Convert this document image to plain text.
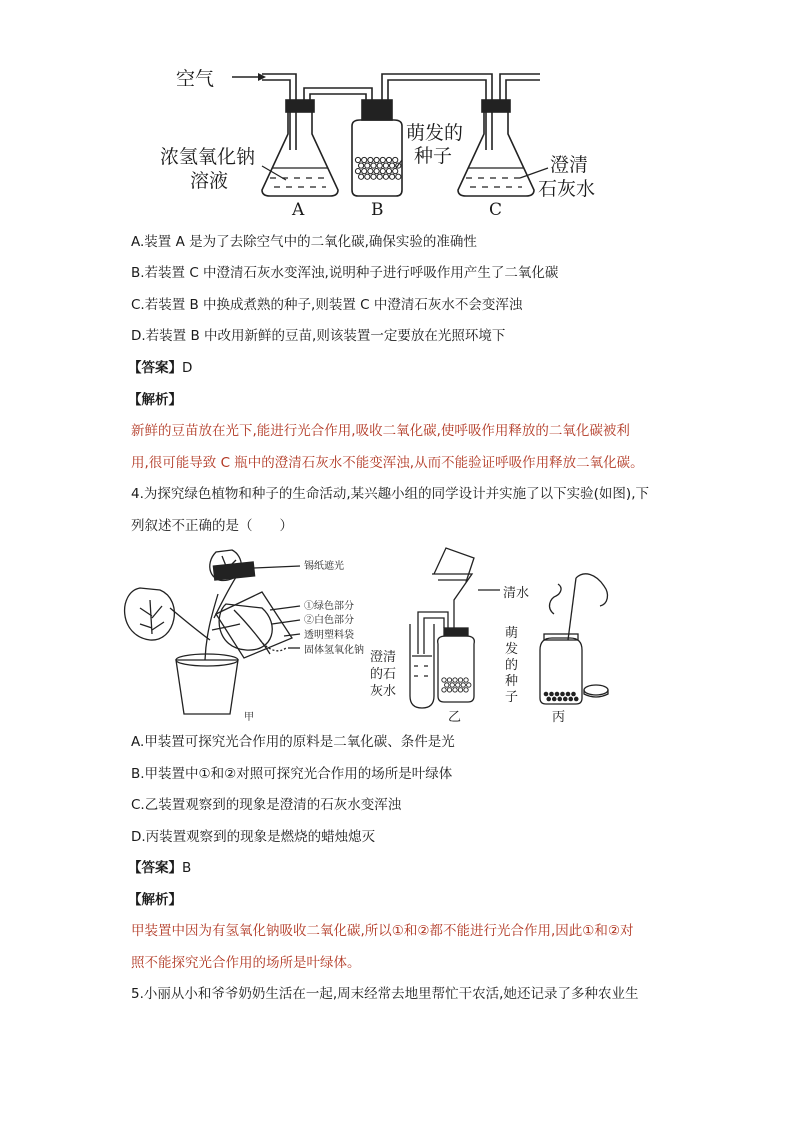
空气
浓氢氧化钠
溶液
萌发的
种子	澄清
石灰水
A	B	C
A.装置 A 是为了去除空气中的二氧化碳,确保实验的准确性
B.若装置 C 中澄清石灰水变浑浊,说明种子进行呼吸作用产生了二氧化碳
C.若装置 B 中换成煮熟的种子,则装置 C 中澄清石灰水不会变浑浊
D.若装置 B 中改用新鲜的豆苗,则该装置一定要放在光照环境下
【答案】D
【解析】
新鲜的豆苗放在光下,能进行光合作用,吸收二氧化碳,使呼吸作用释放的二氧化碳被利
用,很可能导致 C 瓶中的澄清石灰水不能变浑浊,从而不能验证呼吸作用释放二氧化碳。
4.为探究绿色植物和种子的生命活动,某兴趣小组的同学设计并实施了以下实验(如图),下
列叙述不正确的是（　　）
锡纸遮光
①绿色部分
②白色部分
透明塑料袋
固体氢氧化钠
清水
澄清
的石
灰水
萌
发
的
种
子
甲	乙	丙
A.甲装置可探究光合作用的原料是二氧化碳、条件是光
B.甲装置中①和②对照可探究光合作用的场所是叶绿体
C.乙装置观察到的现象是澄清的石灰水变浑浊
D.丙装置观察到的现象是燃烧的蜡烛熄灭
【答案】B
【解析】
甲装置中因为有氢氧化钠吸收二氧化碳,所以①和②都不能进行光合作用,因此①和②对
照不能探究光合作用的场所是叶绿体。
5.小丽从小和爷爷奶奶生活在一起,周末经常去地里帮忙干农活,她还记录了多种农业生
